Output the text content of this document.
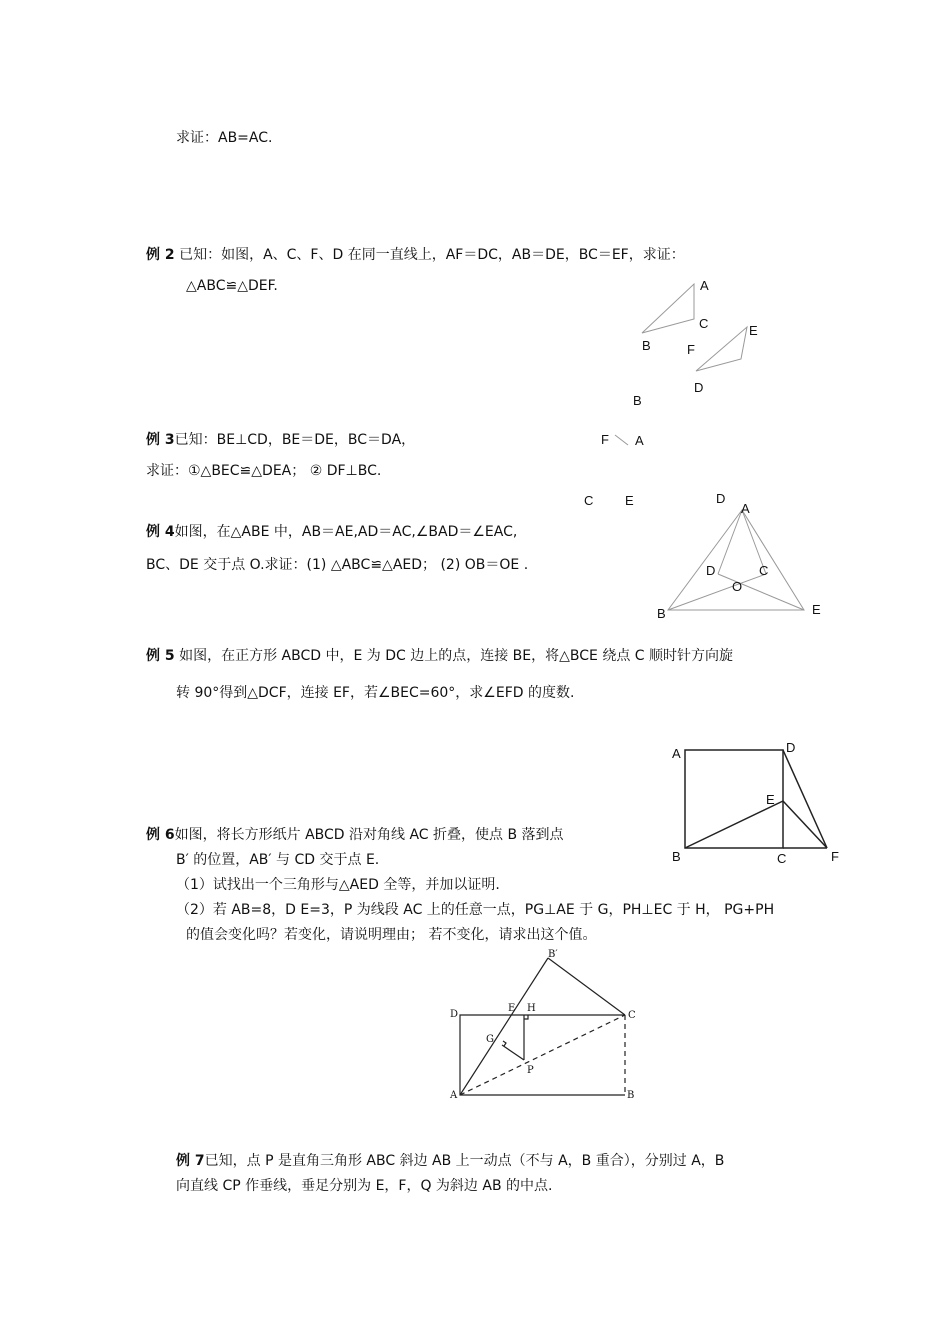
求证：AB=AC.
例 2 已知：如图，A、C、F、D 在同一直线上，AF＝DC，AB＝DE，BC＝EF，求证：
△ABC≌△DEF.
例 3已知：BE⊥CD，BE＝DE，BC＝DA，
求证：①△BEC≌△DEA； ② DF⊥BC.
例 4如图，在△ABE 中，AB＝AE,AD＝AC,∠BAD＝∠EAC,
BC、DE 交于点 O.求证：(1) △ABC≌△AED； (2) OB＝OE .
例 5 如图，在正方形 ABCD 中，E 为 DC 边上的点，连接 BE，将△BCE 绕点 C 顺时针方向旋
转 90°得到△DCF，连接 EF，若∠BEC=60°，求∠EFD 的度数.
例 6如图，将长方形纸片 ABCD 沿对角线 AC 折叠，使点 B 落到点
B′ 的位置，AB′ 与 CD 交于点 E.
（1）试找出一个三角形与△AED 全等，并加以证明.
（2）若 AB=8，D E=3，P 为线段 AC 上的任意一点，PG⊥AE 于 G，PH⊥EC 于 H， PG+PH
的值会变化吗？若变化，请说明理由； 若不变化，请求出这个值。
例 7已知，点 P 是直角三角形 ABC 斜边 AB 上一动点（不与 A，B 重合），分别过 A，B
向直线 CP 作垂线，垂足分别为 E，F，Q 为斜边 AB 的中点.
A
C
B	F
E
D
B
F A
C E	D
A
D	C
O
B	E
A	D
E
B	C	F
B′
D
E H
C
G
P
A	B
